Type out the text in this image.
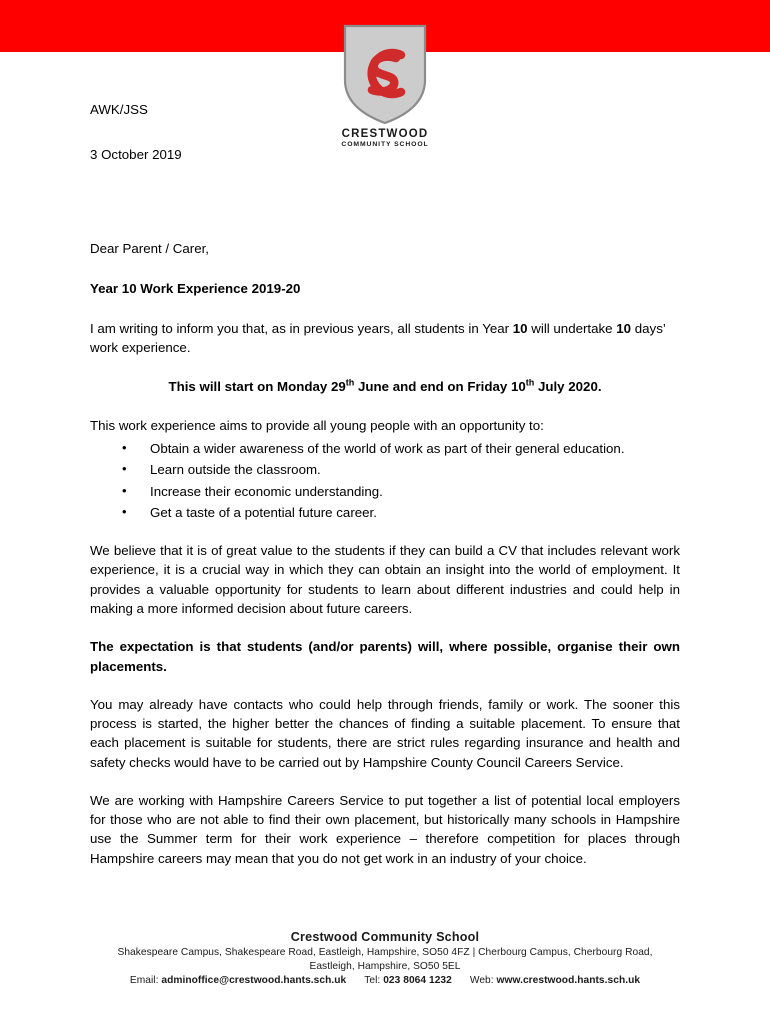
CRESTWOOD
COMMUNITY SCHOOL
AWK/JSS
3 October 2019
Dear Parent / Carer,
Year 10 Work Experience 2019-20

I am writing to inform you that, as in previous years, all students in Year 10 will undertake 10 days’ work experience.

This will start on Monday 29th June and end on Friday 10th July 2020.

This work experience aims to provide all young people with an opportunity to:

• Obtain a wider awareness of the world of work as part of their general education.
• Learn outside the classroom.
• Increase their economic understanding.
• Get a taste of a potential future career.

We believe that it is of great value to the students if they can build a CV that includes relevant work experience, it is a crucial way in which they can obtain an insight into the world of employment. It provides a valuable opportunity for students to learn about different industries and could help in making a more informed decision about future careers.

The expectation is that students (and/or parents) will, where possible, organise their own placements.

You may already have contacts who could help through friends, family or work. The sooner this process is started, the higher better the chances of finding a suitable placement. To ensure that each placement is suitable for students, there are strict rules regarding insurance and health and safety checks would have to be carried out by Hampshire County Council Careers Service.

We are working with Hampshire Careers Service to put together a list of potential local employers for those who are not able to find their own placement, but historically many schools in Hampshire use the Summer term for their work experience – therefore competition for places through Hampshire careers may mean that you do not get work in an industry of your choice.

Crestwood Community School
Shakespeare Campus, Shakespeare Road, Eastleigh, Hampshire, SO50 4FZ | Cherbourg Campus, Cherbourg Road,
Eastleigh, Hampshire, SO50 5EL
Email: adminoffice@crestwood.hants.sch.uk Tel: 023 8064 1232 Web: www.crestwood.hants.sch.uk
